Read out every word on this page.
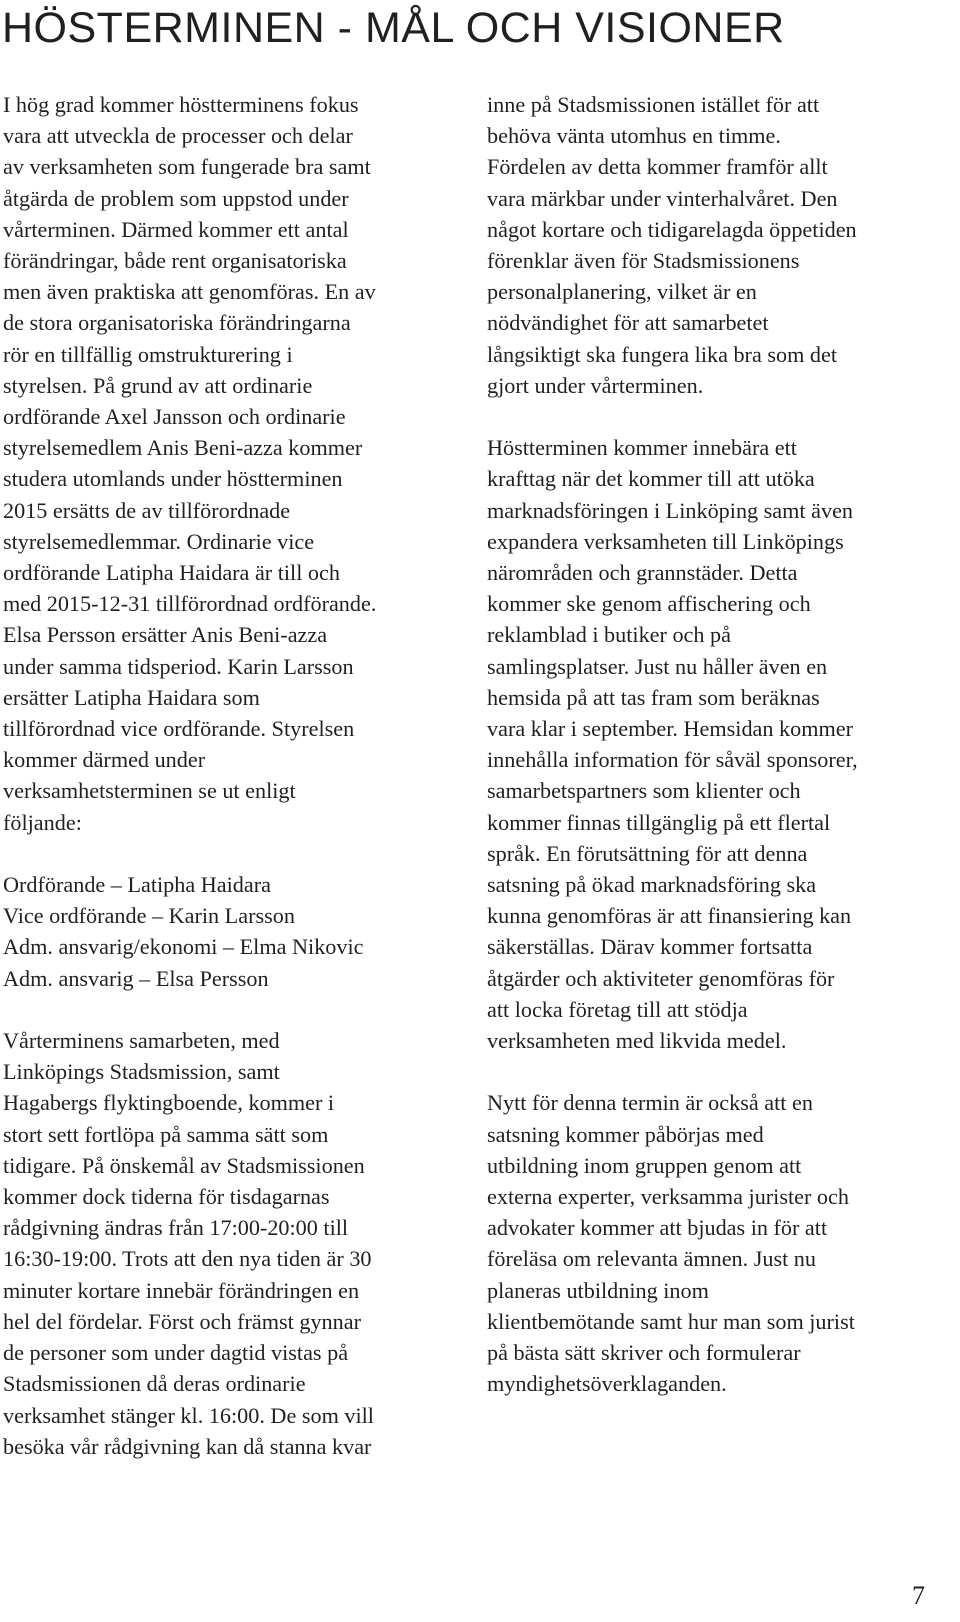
HÖSTERMINEN - MÅL OCH VISIONER

I hög grad kommer höstterminens fokus
vara att utveckla de processer och delar
av verksamheten som fungerade bra samt
åtgärda de problem som uppstod under
vårterminen. Därmed kommer ett antal
förändringar, både rent organisatoriska
men även praktiska att genomföras. En av
de stora organisatoriska förändringarna
rör en tillfällig omstrukturering i
styrelsen. På grund av att ordinarie
ordförande Axel Jansson och ordinarie
styrelsemedlem Anis Beni-azza kommer
studera utomlands under höstterminen
2015 ersätts de av tillförordnade
styrelsemedlemmar. Ordinarie vice
ordförande Latipha Haidara är till och
med 2015-12-31 tillförordnad ordförande.
Elsa Persson ersätter Anis Beni-azza
under samma tidsperiod. Karin Larsson
ersätter Latipha Haidara som
tillförordnad vice ordförande. Styrelsen
kommer därmed under
verksamhetsterminen se ut enligt
följande:

Ordförande – Latipha Haidara
Vice ordförande – Karin Larsson
Adm. ansvarig/ekonomi – Elma Nikovic
Adm. ansvarig – Elsa Persson

Vårterminens samarbeten, med
Linköpings Stadsmission, samt
Hagabergs flyktingboende, kommer i
stort sett fortlöpa på samma sätt som
tidigare. På önskemål av Stadsmissionen
kommer dock tiderna för tisdagarnas
rådgivning ändras från 17:00-20:00 till
16:30-19:00. Trots att den nya tiden är 30
minuter kortare innebär förändringen en
hel del fördelar. Först och främst gynnar
de personer som under dagtid vistas på
Stadsmissionen då deras ordinarie
verksamhet stänger kl. 16:00. De som vill
besöka vår rådgivning kan då stanna kvar

inne på Stadsmissionen istället för att
behöva vänta utomhus en timme.
Fördelen av detta kommer framför allt
vara märkbar under vinterhalvåret. Den
något kortare och tidigarelagda öppetiden
förenklar även för Stadsmissionens
personalplanering, vilket är en
nödvändighet för att samarbetet
långsiktigt ska fungera lika bra som det
gjort under vårterminen.

Höstterminen kommer innebära ett
krafttag när det kommer till att utöka
marknadsföringen i Linköping samt även
expandera verksamheten till Linköpings
närområden och grannstäder. Detta
kommer ske genom affischering och
reklamblad i butiker och på
samlingsplatser. Just nu håller även en
hemsida på att tas fram som beräknas
vara klar i september. Hemsidan kommer
innehålla information för såväl sponsorer,
samarbetspartners som klienter och
kommer finnas tillgänglig på ett flertal
språk. En förutsättning för att denna
satsning på ökad marknadsföring ska
kunna genomföras är att finansiering kan
säkerställas. Därav kommer fortsatta
åtgärder och aktiviteter genomföras för
att locka företag till att stödja
verksamheten med likvida medel.

Nytt för denna termin är också att en
satsning kommer påbörjas med
utbildning inom gruppen genom att
externa experter, verksamma jurister och
advokater kommer att bjudas in för att
föreläsa om relevanta ämnen. Just nu
planeras utbildning inom
klientbemötande samt hur man som jurist
på bästa sätt skriver och formulerar
myndighetsöverklaganden.

7
